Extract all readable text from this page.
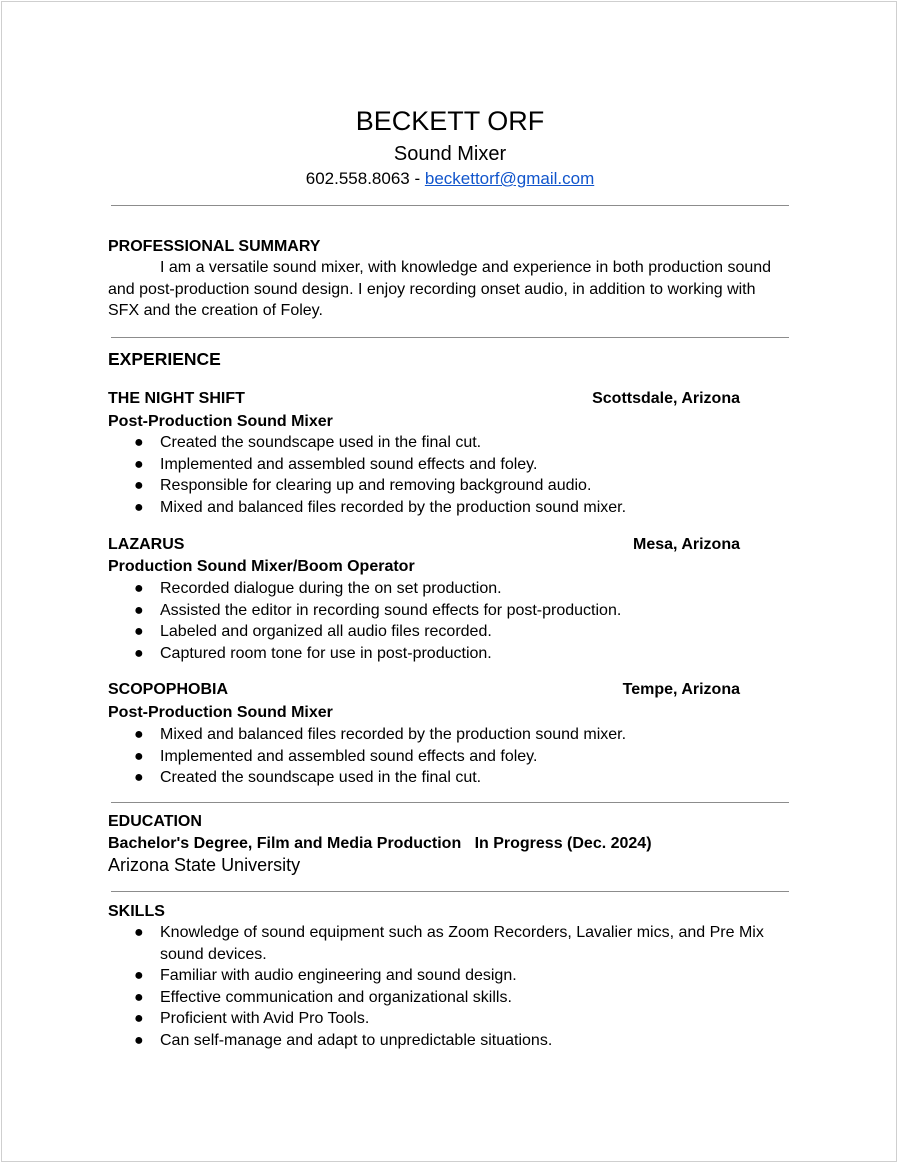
BECKETT ORF
Sound Mixer
602.558.8063 - beckettorf@gmail.com
PROFESSIONAL SUMMARY

I am a versatile sound mixer, with knowledge and experience in both production sound and post-production sound design. I enjoy recording onset audio, in addition to working with SFX and the creation of Foley.

EXPERIENCE
THE NIGHT SHIFT	Scottsdale, Arizona
Post-Production Sound Mixer
● Created the soundscape used in the final cut.
● Implemented and assembled sound effects and foley.
● Responsible for clearing up and removing background audio.
● Mixed and balanced files recorded by the production sound mixer.
LAZARUS	Mesa, Arizona
Production Sound Mixer/Boom Operator
● Recorded dialogue during the on set production.
● Assisted the editor in recording sound effects for post-production.
● Labeled and organized all audio files recorded.
● Captured room tone for use in post-production.
SCOPOPHOBIA	Tempe, Arizona
Post-Production Sound Mixer
● Mixed and balanced files recorded by the production sound mixer.
● Implemented and assembled sound effects and foley.
● Created the soundscape used in the final cut.
EDUCATION
Bachelor's Degree, Film and Media Production In Progress (Dec. 2024)
Arizona State University
SKILLS
● Knowledge of sound equipment such as Zoom Recorders, Lavalier mics, and Pre Mix sound devices.
● Familiar with audio engineering and sound design.
● Effective communication and organizational skills.
● Proficient with Avid Pro Tools.
● Can self-manage and adapt to unpredictable situations.
